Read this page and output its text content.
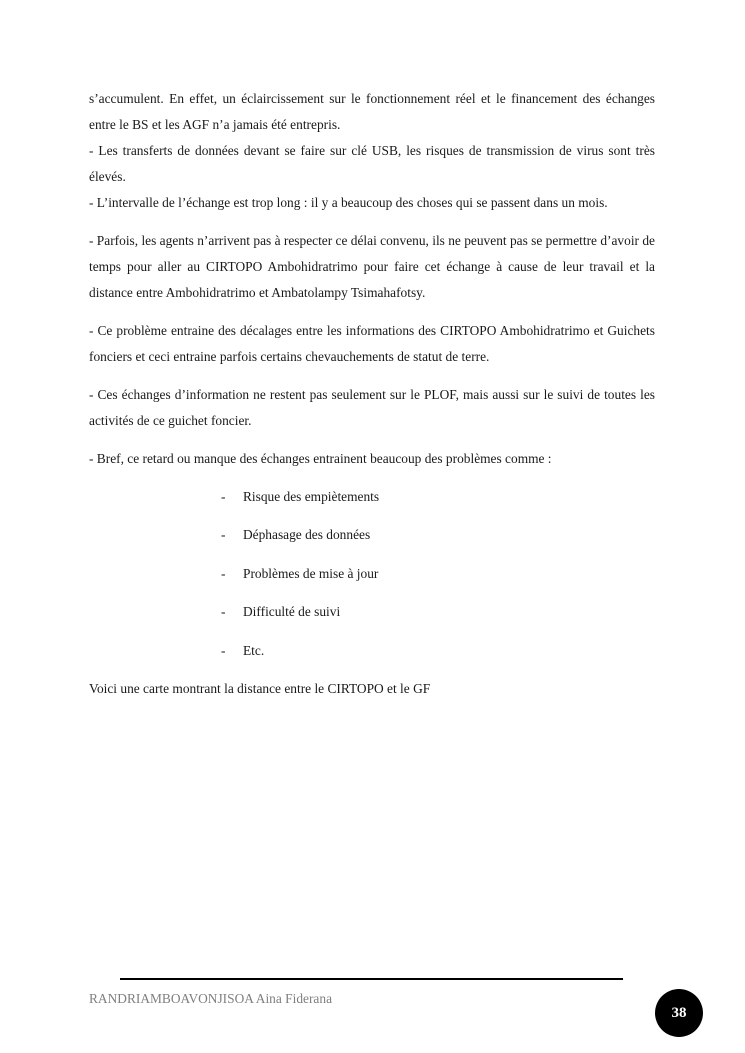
s’accumulent. En effet, un éclaircissement sur le fonctionnement réel et le financement des échanges entre le BS et les AGF n’a jamais été entrepris.

- Les transferts de données devant se faire sur clé USB, les risques de transmission de virus sont très élevés.

- L’intervalle de l’échange est trop long : il y a beaucoup des choses qui se passent dans un mois.

- Parfois, les agents n’arrivent pas à respecter ce délai convenu, ils ne peuvent pas se permettre d’avoir de temps pour aller au CIRTOPO Ambohidratrimo pour faire cet échange à cause de leur travail et la distance entre Ambohidratrimo et Ambatolampy Tsimahafotsy.

- Ce problème entraine des décalages entre les informations des CIRTOPO Ambohidratrimo et Guichets fonciers et ceci entraine parfois certains chevauchements de statut de terre.

- Ces échanges d’information ne restent pas seulement sur le PLOF, mais aussi sur le suivi de toutes les activités de ce guichet foncier.

- Bref, ce retard ou manque des échanges entrainent beaucoup des problèmes comme :

- Risque des empiètements
- Déphasage des données
- Problèmes de mise à jour
- Difficulté de suivi
- Etc.

Voici une carte montrant la distance entre le CIRTOPO et le GF

RANDRIAMBOAVONJISOA Aina Fiderana
38
